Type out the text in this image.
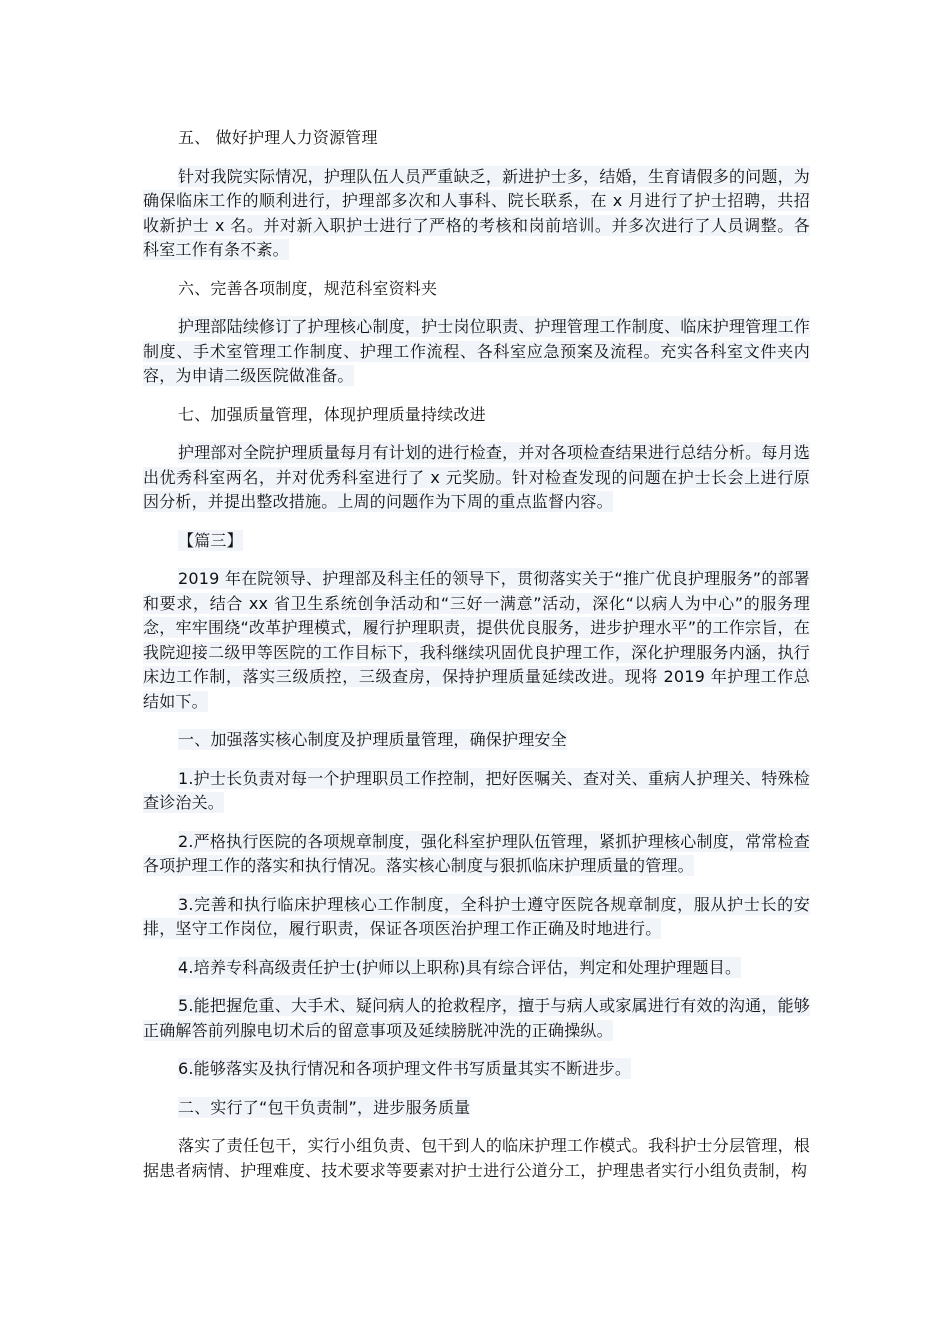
五、 做好护理人力资源管理

针对我院实际情况，护理队伍人员严重缺乏，新进护士多，结婚，生育请假多的问题，为确保临床工作的顺利进行，护理部多次和人事科、院长联系，在 x 月进行了护士招聘，共招收新护士 x 名。并对新入职护士进行了严格的考核和岗前培训。并多次进行了人员调整。各科室工作有条不紊。

六、完善各项制度，规范科室资料夹

护理部陆续修订了护理核心制度，护士岗位职责、护理管理工作制度、临床护理管理工作制度、手术室管理工作制度、护理工作流程、各科室应急预案及流程。充实各科室文件夹内容，为申请二级医院做准备。

七、加强质量管理，体现护理质量持续改进

护理部对全院护理质量每月有计划的进行检查，并对各项检查结果进行总结分析。每月选出优秀科室两名，并对优秀科室进行了 x 元奖励。针对检查发现的问题在护士长会上进行原因分析，并提出整改措施。上周的问题作为下周的重点监督内容。

【篇三】

2019 年在院领导、护理部及科主任的领导下，贯彻落实关于“推广优良护理服务”的部署和要求，结合 xx 省卫生系统创争活动和“三好一满意”活动，深化“以病人为中心”的服务理念，牢牢围绕“改革护理模式，履行护理职责，提供优良服务，进步护理水平”的工作宗旨，在我院迎接二级甲等医院的工作目标下，我科继续巩固优良护理工作，深化护理服务内涵，执行床边工作制，落实三级质控，三级查房，保持护理质量延续改进。现将 2019 年护理工作总结如下。

一、加强落实核心制度及护理质量管理，确保护理安全

1.护士长负责对每一个护理职员工作控制，把好医嘱关、查对关、重病人护理关、特殊检查诊治关。

2.严格执行医院的各项规章制度，强化科室护理队伍管理，紧抓护理核心制度，常常检查各项护理工作的落实和执行情况。落实核心制度与狠抓临床护理质量的管理。

3.完善和执行临床护理核心工作制度，全科护士遵守医院各规章制度，服从护士长的安排，坚守工作岗位，履行职责，保证各项医治护理工作正确及时地进行。

4.培养专科高级责任护士(护师以上职称)具有综合评估，判定和处理护理题目。

5.能把握危重、大手术、疑问病人的抢救程序，擅于与病人或家属进行有效的沟通，能够正确解答前列腺电切术后的留意事项及延续膀胱冲洗的正确操纵。

6.能够落实及执行情况和各项护理文件书写质量其实不断进步。

二、实行了“包干负责制”，进步服务质量

落实了责任包干，实行小组负责、包干到人的临床护理工作模式。我科护士分层管理，根据患者病情、护理难度、技术要求等要素对护士进行公道分工，护理患者实行小组负责制，构
